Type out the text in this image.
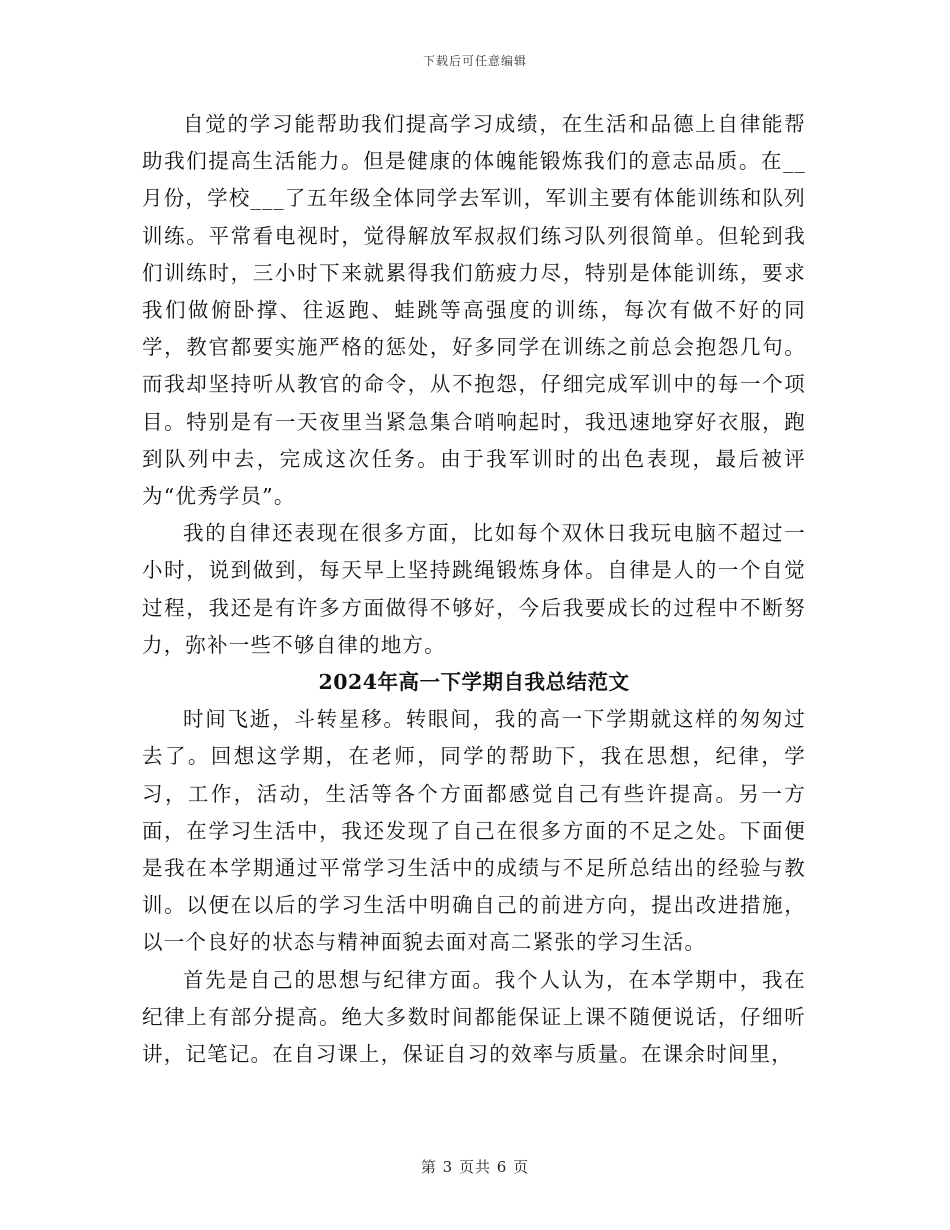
下载后可任意编辑

自觉的学习能帮助我们提高学习成绩，在生活和品德上自律能帮助我们提高生活能力。但是健康的体魄能锻炼我们的意志品质。在__月份，学校___了五年级全体同学去军训，军训主要有体能训练和队列训练。平常看电视时，觉得解放军叔叔们练习队列很简单。但轮到我们训练时，三小时下来就累得我们筋疲力尽，特别是体能训练，要求我们做俯卧撑、往返跑、蛙跳等高强度的训练，每次有做不好的同学，教官都要实施严格的惩处，好多同学在训练之前总会抱怨几句。而我却坚持听从教官的命令，从不抱怨，仔细完成军训中的每一个项目。特别是有一天夜里当紧急集合哨响起时，我迅速地穿好衣服，跑到队列中去，完成这次任务。由于我军训时的出色表现，最后被评为“优秀学员”。

我的自律还表现在很多方面，比如每个双休日我玩电脑不超过一小时，说到做到，每天早上坚持跳绳锻炼身体。自律是人的一个自觉过程，我还是有许多方面做得不够好，今后我要成长的过程中不断努力，弥补一些不够自律的地方。

2024年高一下学期自我总结范文

时间飞逝，斗转星移。转眼间，我的高一下学期就这样的匆匆过去了。回想这学期，在老师，同学的帮助下，我在思想，纪律，学习，工作，活动，生活等各个方面都感觉自己有些许提高。另一方面，在学习生活中，我还发现了自己在很多方面的不足之处。下面便是我在本学期通过平常学习生活中的成绩与不足所总结出的经验与教训。以便在以后的学习生活中明确自己的前进方向，提出改进措施，以一个良好的状态与精神面貌去面对高二紧张的学习生活。

首先是自己的思想与纪律方面。我个人认为，在本学期中，我在纪律上有部分提高。绝大多数时间都能保证上课不随便说话，仔细听讲，记笔记。在自习课上，保证自习的效率与质量。在课余时间里，

第 3 页共 6 页
